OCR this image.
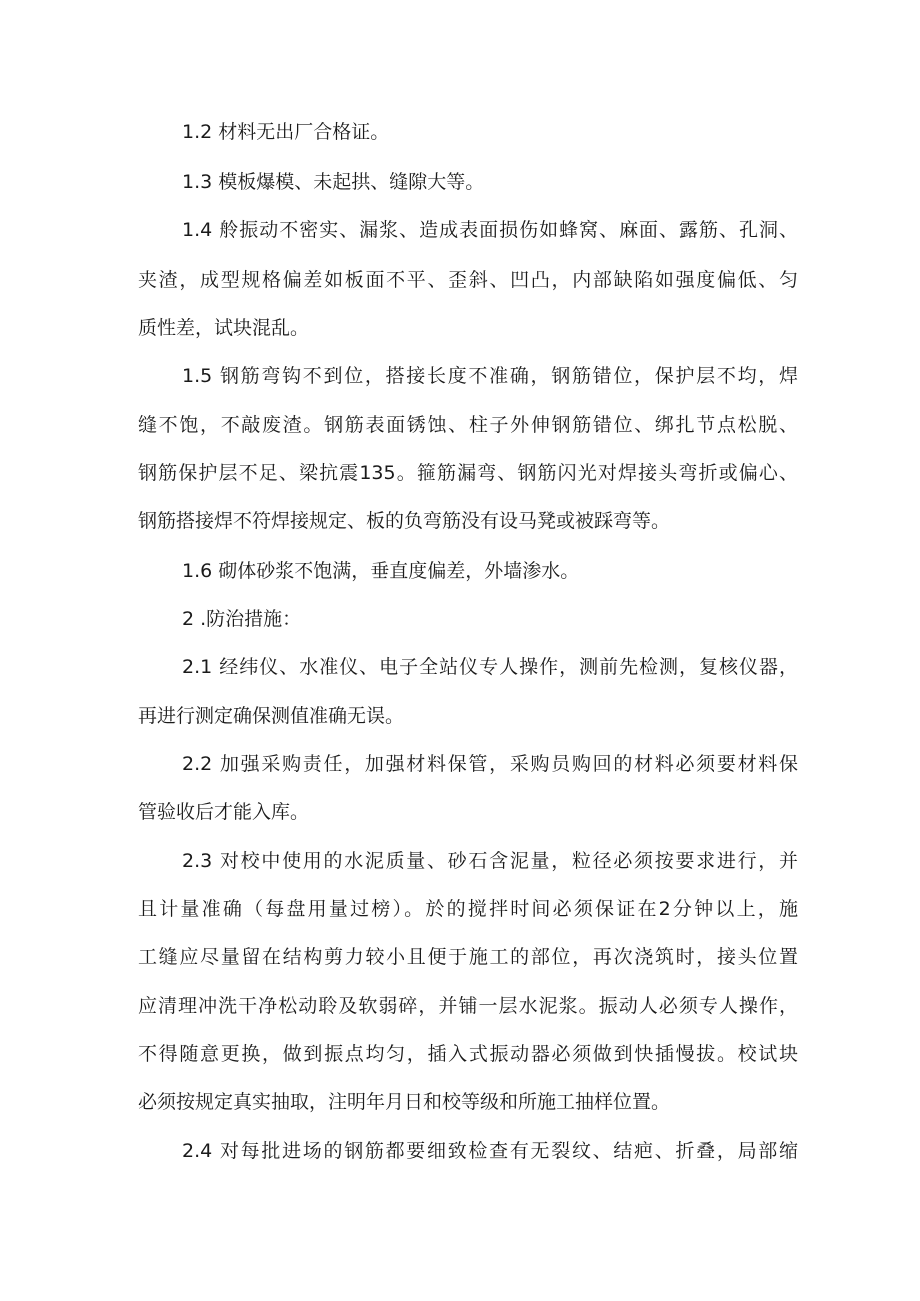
1.2 材料无出厂合格证。

1.3 模板爆模、未起拱、缝隙大等。

1.4 舲振动不密实、漏浆、造成表面损伤如蜂窝、麻面、露筋、孔洞、

夹渣，成型规格偏差如板面不平、歪斜、凹凸，内部缺陷如强度偏低、匀

质性差，试块混乱。

1.5 钢筋弯钩不到位，搭接长度不准确，钢筋错位，保护层不均，焊

缝不饱，不敲废渣。钢筋表面锈蚀、柱子外伸钢筋错位、绑扎节点松脱、

钢筋保护层不足、梁抗震135。箍筋漏弯、钢筋闪光对焊接头弯折或偏心、

钢筋搭接焊不符焊接规定、板的负弯筋没有设马凳或被踩弯等。

1.6 砌体砂浆不饱满，垂直度偏差，外墙渗水。

2 .防治措施：

2.1 经纬仪、水准仪、电子全站仪专人操作，测前先检测，复核仪器，

再进行测定确保测值准确无误。

2.2 加强采购责任，加强材料保管，采购员购回的材料必须要材料保

管验收后才能入库。

2.3 对校中使用的水泥质量、砂石含泥量，粒径必须按要求进行，并

且计量准确（每盘用量过榜）。於的搅拌时间必须保证在2分钟以上，施

工缝应尽量留在结构剪力较小且便于施工的部位，再次浇筑时，接头位置

应清理冲洗干净松动聆及软弱碎，并铺一层水泥浆。振动人必须专人操作，

不得随意更换，做到振点均匀，插入式振动器必须做到快插慢拔。校试块

必须按规定真实抽取，注明年月日和校等级和所施工抽样位置。

2.4 对每批进场的钢筋都要细致检查有无裂纹、结疤、折叠，局部缩
